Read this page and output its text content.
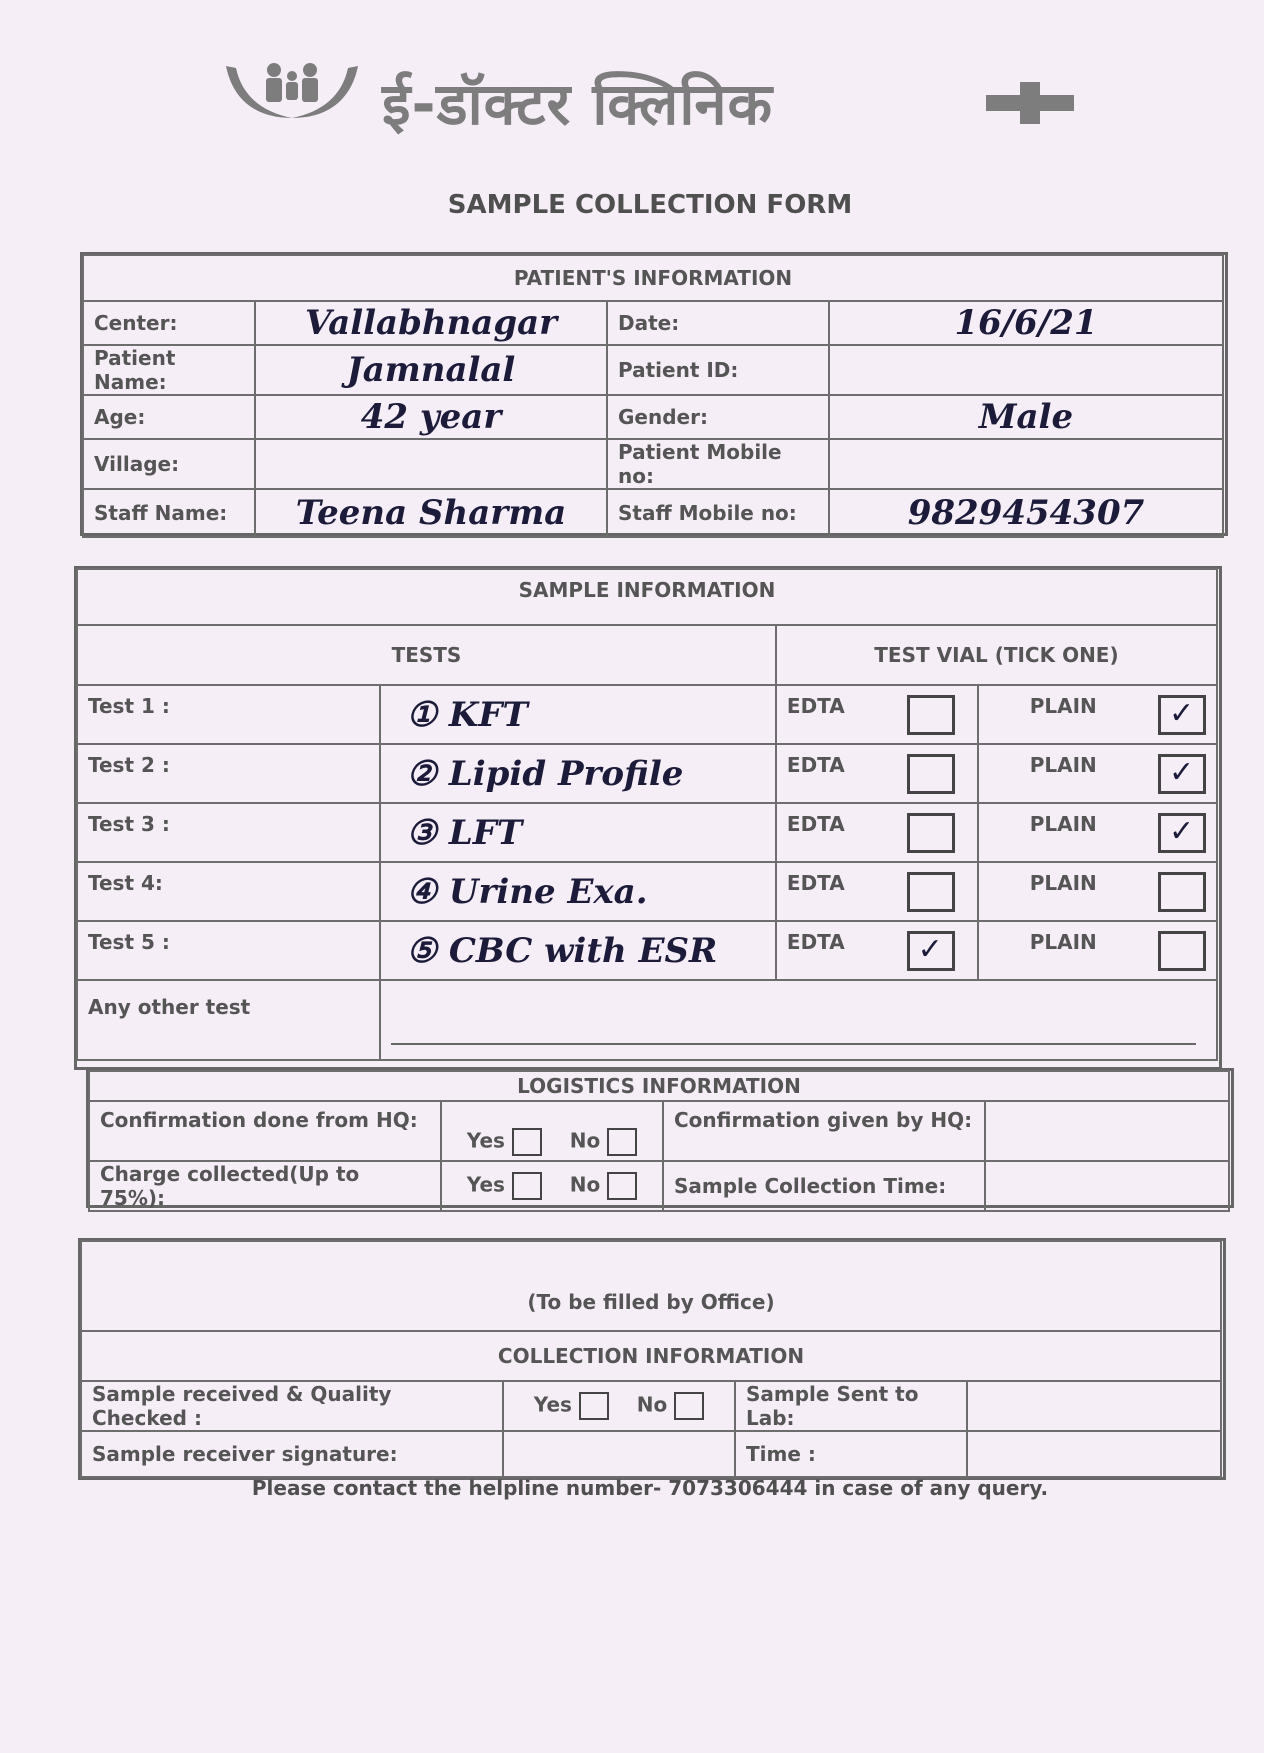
ई-डॉक्टर क्लिनिक
SAMPLE COLLECTION FORM
PATIENT'S INFORMATION			
Center:	Vallabhnagar	Date:	16/6/21
Patient Name:	Jamnalal	Patient ID:	
Age:	42 year	Gender:	Male
Village:		Patient Mobile no:	
Staff Name:	Teena Sharma	Staff Mobile no:	9829454307
SAMPLE INFORMATION					
TESTS		TEST VIAL (TICK ONE)			
Test 1 :	① KFT	EDTA		PLAIN	✓

Test 2 :	② Lipid Profile	EDTA		PLAIN	✓

Test 3 :	③ LFT	EDTA		PLAIN	✓

Test 4:	④ Urine Exa.	EDTA		PLAIN	
Test 5 :	⑤ CBC with ESR	EDTA	✓	PLAIN	
Any other test					
LOGISTICS INFORMATION			
Confirmation done from HQ:	Yes No	Confirmation given by HQ:	
Charge collected(Up to 75%):	Yes No	Sample Collection Time:	
(To be filled by Office)			
COLLECTION INFORMATION			
Sample received & Quality Checked :	Yes No	Sample Sent to Lab:	
Sample receiver signature:		Time :	
Please contact the helpline number- 7073306444 in case of any query.
